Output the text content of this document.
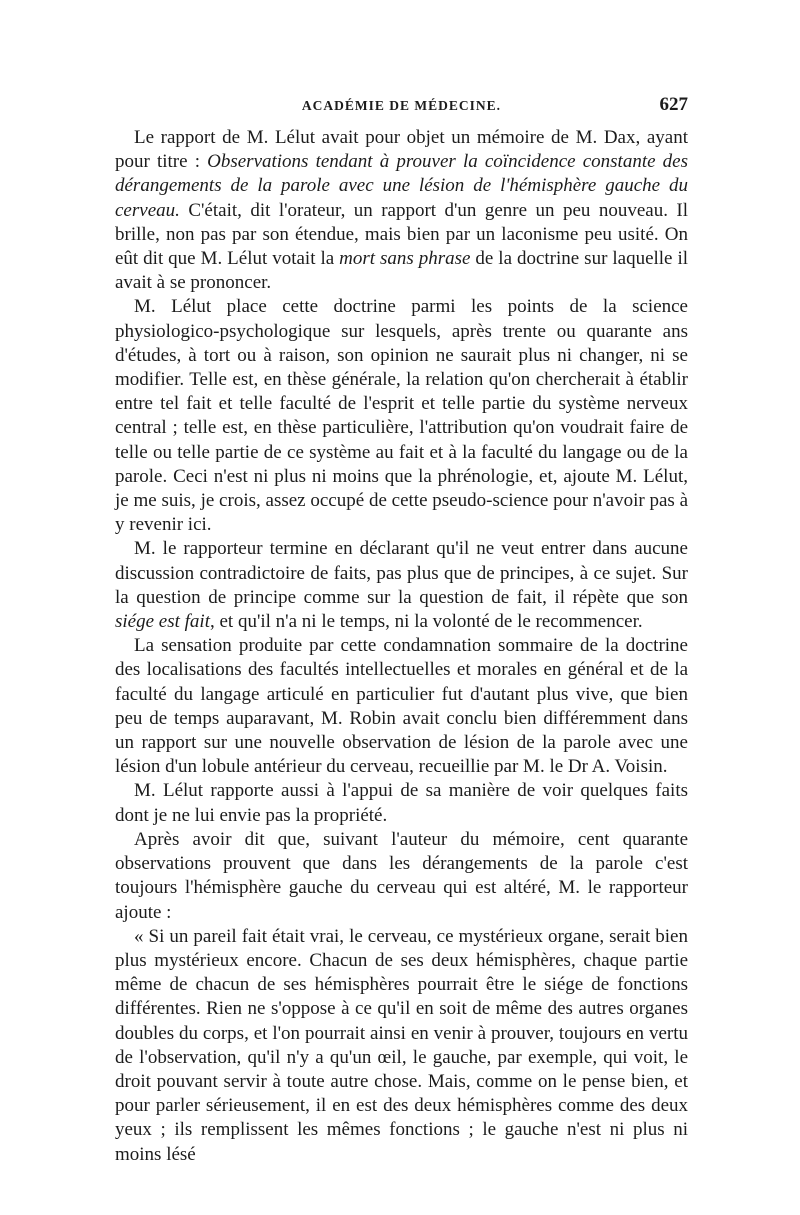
ACADÉMIE DE MÉDECINE.	627

Le rapport de M. Lélut avait pour objet un mémoire de M. Dax, ayant pour titre : Observations tendant à prouver la coïncidence constante des dérangements de la parole avec une lésion de l'hémisphère gauche du cerveau. C'était, dit l'orateur, un rapport d'un genre un peu nouveau. Il brille, non pas par son étendue, mais bien par un laconisme peu usité. On eût dit que M. Lélut votait la mort sans phrase de la doctrine sur laquelle il avait à se prononcer.

M. Lélut place cette doctrine parmi les points de la science physiologico-psychologique sur lesquels, après trente ou quarante ans d'études, à tort ou à raison, son opinion ne saurait plus ni changer, ni se modifier. Telle est, en thèse générale, la relation qu'on chercherait à établir entre tel fait et telle faculté de l'esprit et telle partie du système nerveux central ; telle est, en thèse particulière, l'attribution qu'on voudrait faire de telle ou telle partie de ce système au fait et à la faculté du langage ou de la parole. Ceci n'est ni plus ni moins que la phrénologie, et, ajoute M. Lélut, je me suis, je crois, assez occupé de cette pseudo-science pour n'avoir pas à y revenir ici.

M. le rapporteur termine en déclarant qu'il ne veut entrer dans aucune discussion contradictoire de faits, pas plus que de principes, à ce sujet. Sur la question de principe comme sur la question de fait, il répète que son siége est fait, et qu'il n'a ni le temps, ni la volonté de le recommencer.

La sensation produite par cette condamnation sommaire de la doctrine des localisations des facultés intellectuelles et morales en général et de la faculté du langage articulé en particulier fut d'autant plus vive, que bien peu de temps auparavant, M. Robin avait conclu bien différemment dans un rapport sur une nouvelle observation de lésion de la parole avec une lésion d'un lobule antérieur du cerveau, recueillie par M. le Dr A. Voisin.

M. Lélut rapporte aussi à l'appui de sa manière de voir quelques faits dont je ne lui envie pas la propriété.

Après avoir dit que, suivant l'auteur du mémoire, cent quarante observations prouvent que dans les dérangements de la parole c'est toujours l'hémisphère gauche du cerveau qui est altéré, M. le rapporteur ajoute :

« Si un pareil fait était vrai, le cerveau, ce mystérieux organe, serait bien plus mystérieux encore. Chacun de ses deux hémisphères, chaque partie même de chacun de ses hémisphères pourrait être le siége de fonctions différentes. Rien ne s'oppose à ce qu'il en soit de même des autres organes doubles du corps, et l'on pourrait ainsi en venir à prouver, toujours en vertu de l'observation, qu'il n'y a qu'un œil, le gauche, par exemple, qui voit, le droit pouvant servir à toute autre chose. Mais, comme on le pense bien, et pour parler sérieusement, il en est des deux hémisphères comme des deux yeux ; ils remplissent les mêmes fonctions ; le gauche n'est ni plus ni moins lésé
